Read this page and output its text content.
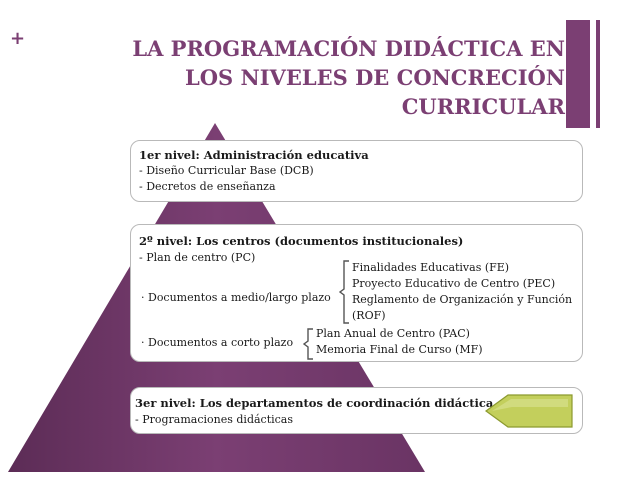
+	LA PROGRAMACIÓN DIDÁCTICA EN
LOS NIVELES DE CONCRECIÓN
CURRICULAR
1er nivel: Administración educativa
- Diseño Curricular Base (DCB)
- Decretos de enseñanza
2º nivel: Los centros (documentos institucionales)
- Plan de centro (PC)
· Documentos a medio/largo plazo
Finalidades Educativas (FE)
Proyecto Educativo de Centro (PEC)
Reglamento de Organización y Función
(ROF)
· Documentos a corto plazo
Plan Anual de Centro (PAC)
Memoria Final de Curso (MF)
3er nivel: Los departamentos de coordinación didáctica
- Programaciones didácticas
